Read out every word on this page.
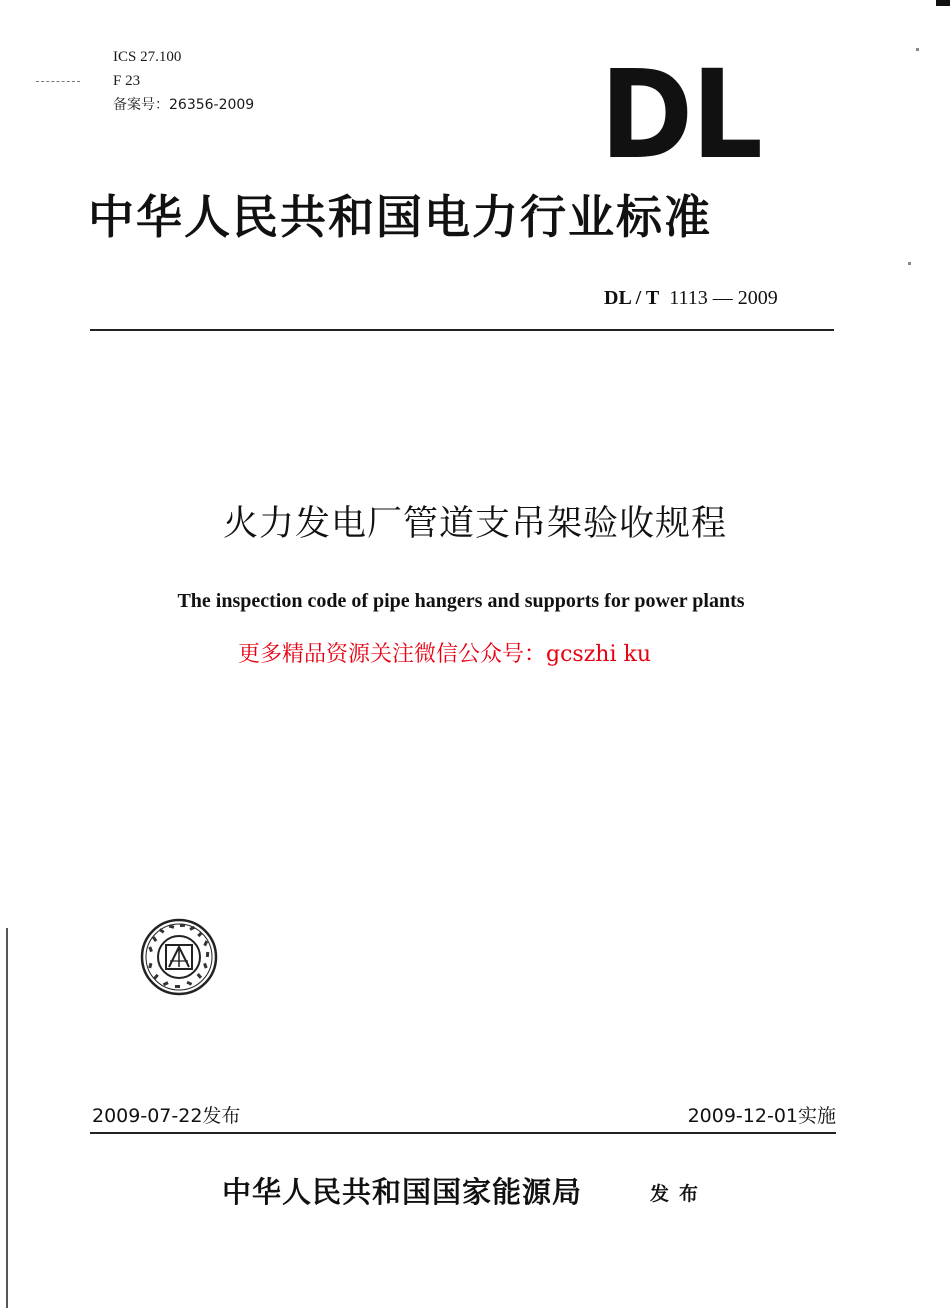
ICS 27.100
F 23
备案号：26356-2009	DL
中华人民共和国电力行业标准
DL / T 1113 — 2009
火力发电厂管道支吊架验收规程
The inspection code of pipe hangers and supports for power plants
更多精品资源关注微信公众号：gcszhi ku
2009-07-22发布	2009-12-01实施
中华人民共和国国家能源局	发布
